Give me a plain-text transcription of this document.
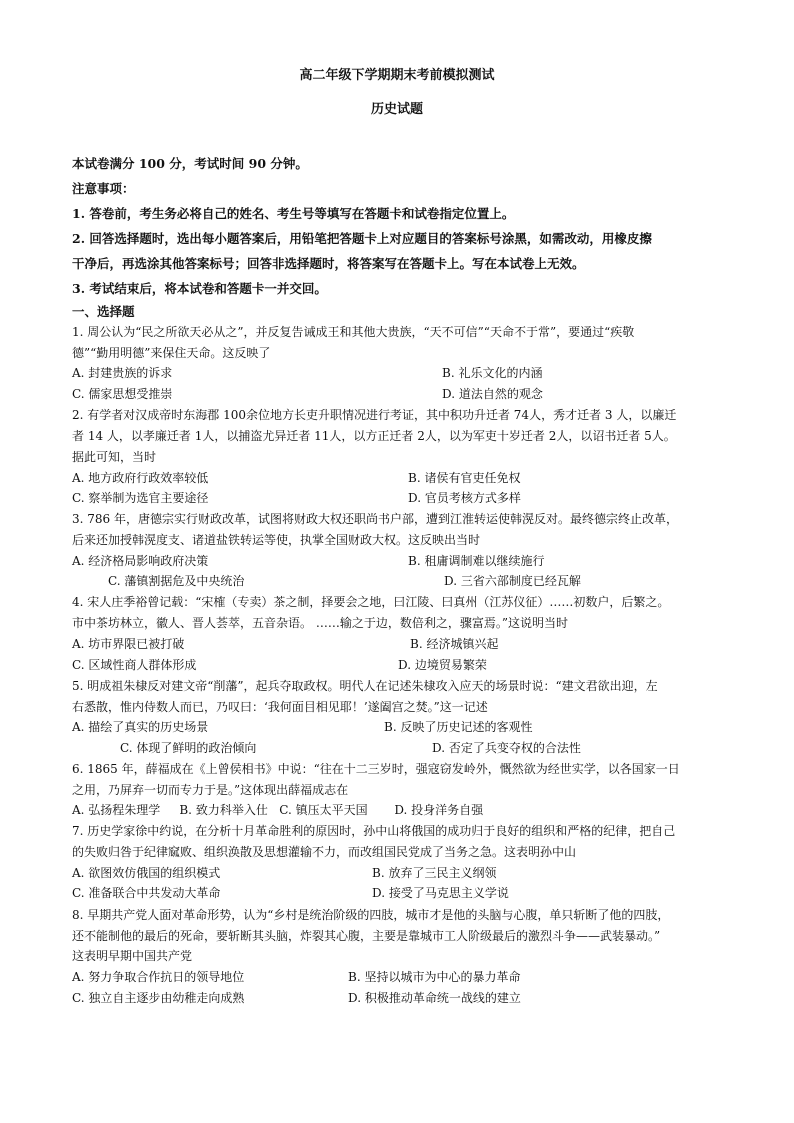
高二年级下学期期末考前模拟测试
历史试题
本试卷满分 100 分，考试时间 90 分钟。
注意事项：
1. 答卷前，考生务必将自己的姓名、考生号等填写在答题卡和试卷指定位置上。
2. 回答选择题时，选出每小题答案后，用铅笔把答题卡上对应题目的答案标号涂黑，如需改动，用橡皮擦
干净后，再选涂其他答案标号；回答非选择题时，将答案写在答题卡上。写在本试卷上无效。
3. 考试结束后，将本试卷和答题卡一并交回。
一、选择题
1. 周公认为“民之所欲天必从之”，并反复告诫成王和其他大贵族，“天不可信”“天命不于常”，要通过“疾敬
德”“勤用明德”来保住天命。这反映了
A. 封建贵族的诉求	B. 礼乐文化的内涵
C. 儒家思想受推崇	D. 道法自然的观念
2. 有学者对汉成帝时东海郡 100余位地方长吏升职情况进行考证，其中积功升迁者 74人，秀才迁者 3 人，以廉迁
者 14 人，以孝廉迁者 1人，以捕盗尤异迁者 11人，以方正迁者 2人，以为军吏十岁迁者 2人，以诏书迁者 5人。
据此可知，当时
A. 地方政府行政效率较低	B. 诸侯有官吏任免权
C. 察举制为选官主要途径	D. 官员考核方式多样
3. 786 年，唐德宗实行财政改革，试图将财政大权还职尚书户部，遭到江淮转运使韩滉反对。最终德宗终止改革，
后来还加授韩滉度支、诸道盐铁转运等使，执掌全国财政大权。这反映出当时
A. 经济格局影响政府决策	B. 租庸调制难以继续施行
C. 藩镇割据危及中央统治	D. 三省六部制度已经瓦解
4. 宋人庄季裕曾记载：“宋榷（专卖）茶之制，择要会之地，曰江陵、曰真州（江苏仪征）……初数户，后繁之。
市中茶坊林立，徽人、晋人荟萃，五音杂语。 ……输之于边，数倍利之，骤富焉。”这说明当时
A. 坊市界限已被打破	B. 经济城镇兴起
C. 区域性商人群体形成	D. 边境贸易繁荣
5. 明成祖朱棣反对建文帝“削藩”，起兵夺取政权。明代人在记述朱棣攻入应天的场景时说：“建文君欲出迎，左
右悉散，惟内侍数人而已，乃叹曰：‘我何面目相见耶！’遂阖宫之焚。”这一记述
A. 描绘了真实的历史场景	B. 反映了历史记述的客观性
C. 体现了鲜明的政治倾向	D. 否定了兵变夺权的合法性
6. 1865 年，薛福成在《上曾侯相书》中说：“往在十二三岁时，强寇窃发岭外，慨然欲为经世实学，以各国家一日
之用，乃屏弃一切而专力于是。”这体现出薛福成志在
A. 弘扬程朱理学     B. 致力科举入仕   C. 镇压太平天国       D. 投身洋务自强
7. 历史学家徐中约说，在分析十月革命胜利的原因时，孙中山将俄国的成功归于良好的组织和严格的纪律，把自己
的失败归咎于纪律窳败、组织涣散及思想灌输不力，而改组国民党成了当务之急。这表明孙中山
A. 欲图效仿俄国的组织模式	B. 放弃了三民主义纲领
C. 准备联合中共发动大革命	D. 接受了马克思主义学说
8. 早期共产党人面对革命形势，认为“乡村是统治阶级的四肢，城市才是他的头脑与心腹，单只斩断了他的四肢，
还不能制他的最后的死命，要斩断其头脑，炸裂其心腹，主要是靠城市工人阶级最后的激烈斗争——武装暴动。”
这表明早期中国共产党
A. 努力争取合作抗日的领导地位	B. 坚持以城市为中心的暴力革命
C. 独立自主逐步由幼稚走向成熟	D. 积极推动革命统一战线的建立
